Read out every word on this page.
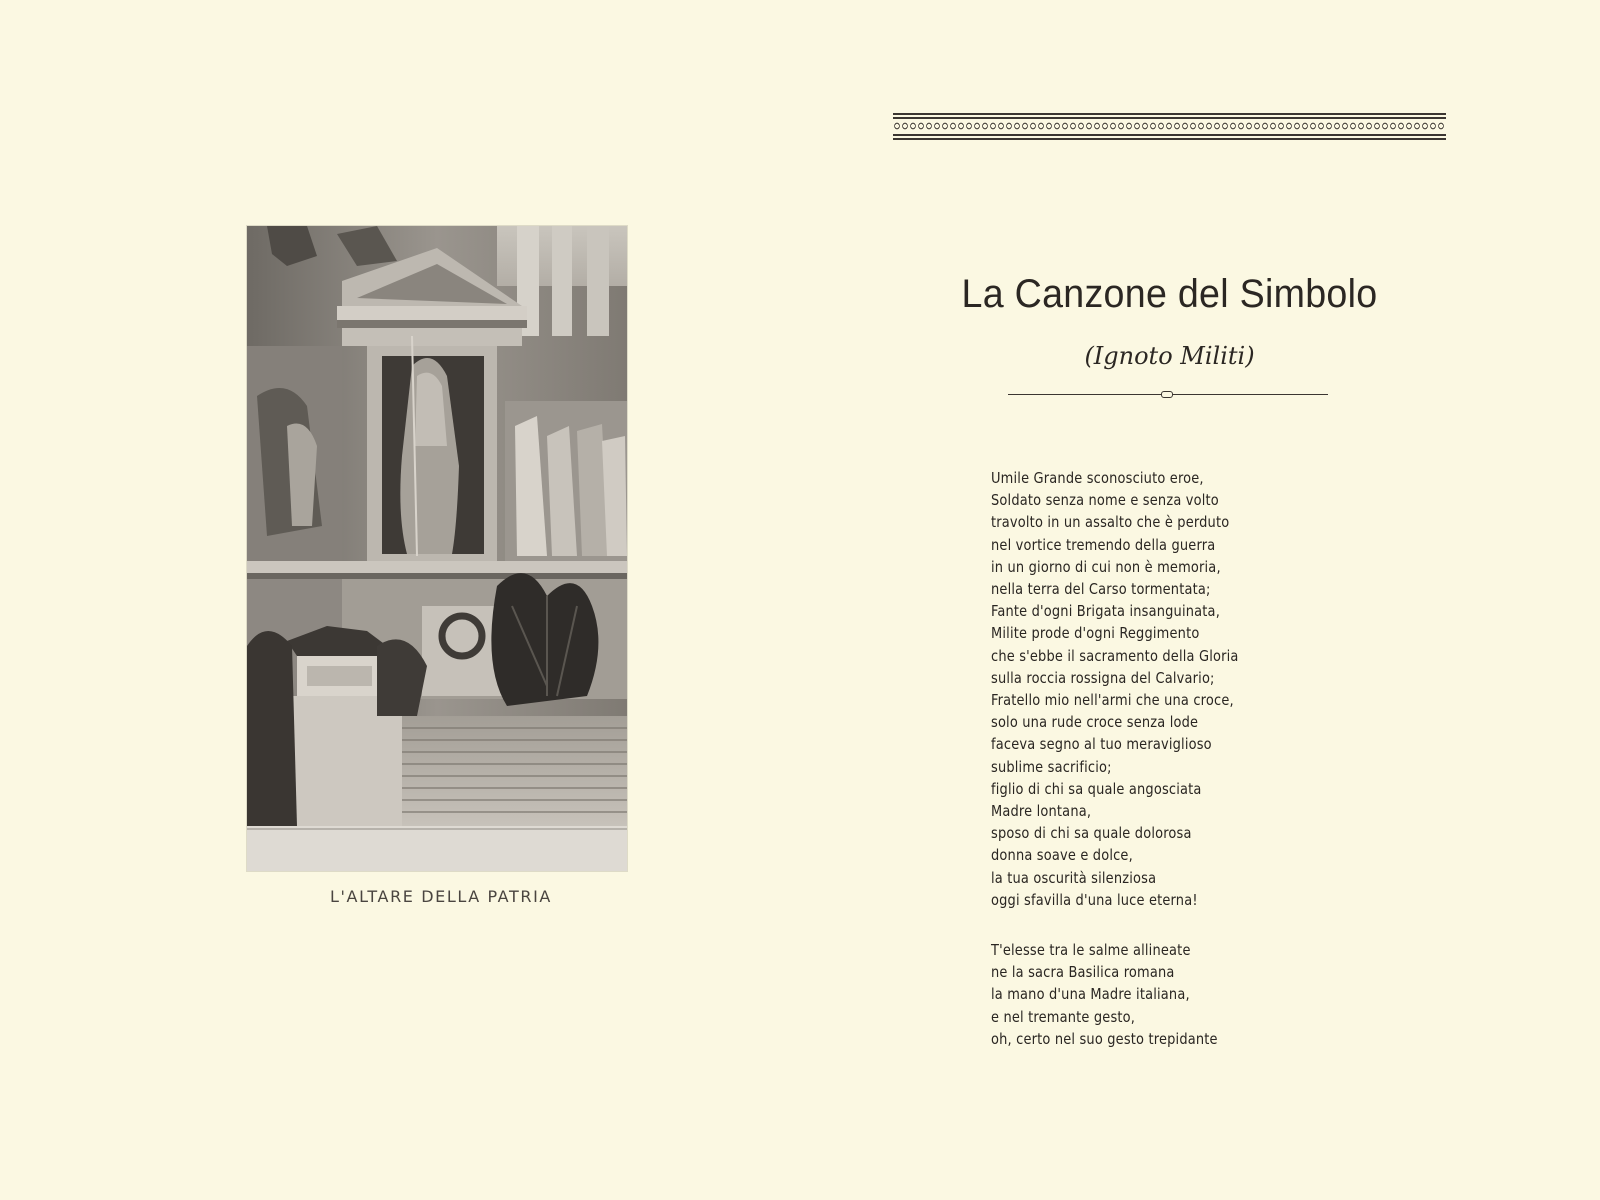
L'ALTARE DELLA PATRIA
La Canzone del Simbolo
(Ignoto Militi)
Umile Grande sconosciuto eroe,
Soldato senza nome e senza volto
travolto in un assalto che è perduto
nel vortice tremendo della guerra
in un giorno di cui non è memoria,
nella terra del Carso tormentata;
Fante d'ogni Brigata insanguinata,
Milite prode d'ogni Reggimento
che s'ebbe il sacramento della Gloria
sulla roccia rossigna del Calvario;
Fratello mio nell'armi che una croce,
solo una rude croce senza lode
faceva segno al tuo meraviglioso
sublime sacrificio;
figlio di chi sa quale angosciata
Madre lontana,
sposo di chi sa quale dolorosa
donna soave e dolce,
la tua oscurità silenziosa
oggi sfavilla d'una luce eterna!
T'elesse tra le salme allineate
ne la sacra Basilica romana
la mano d'una Madre italiana,
e nel tremante gesto,
oh, certo nel suo gesto trepidante
